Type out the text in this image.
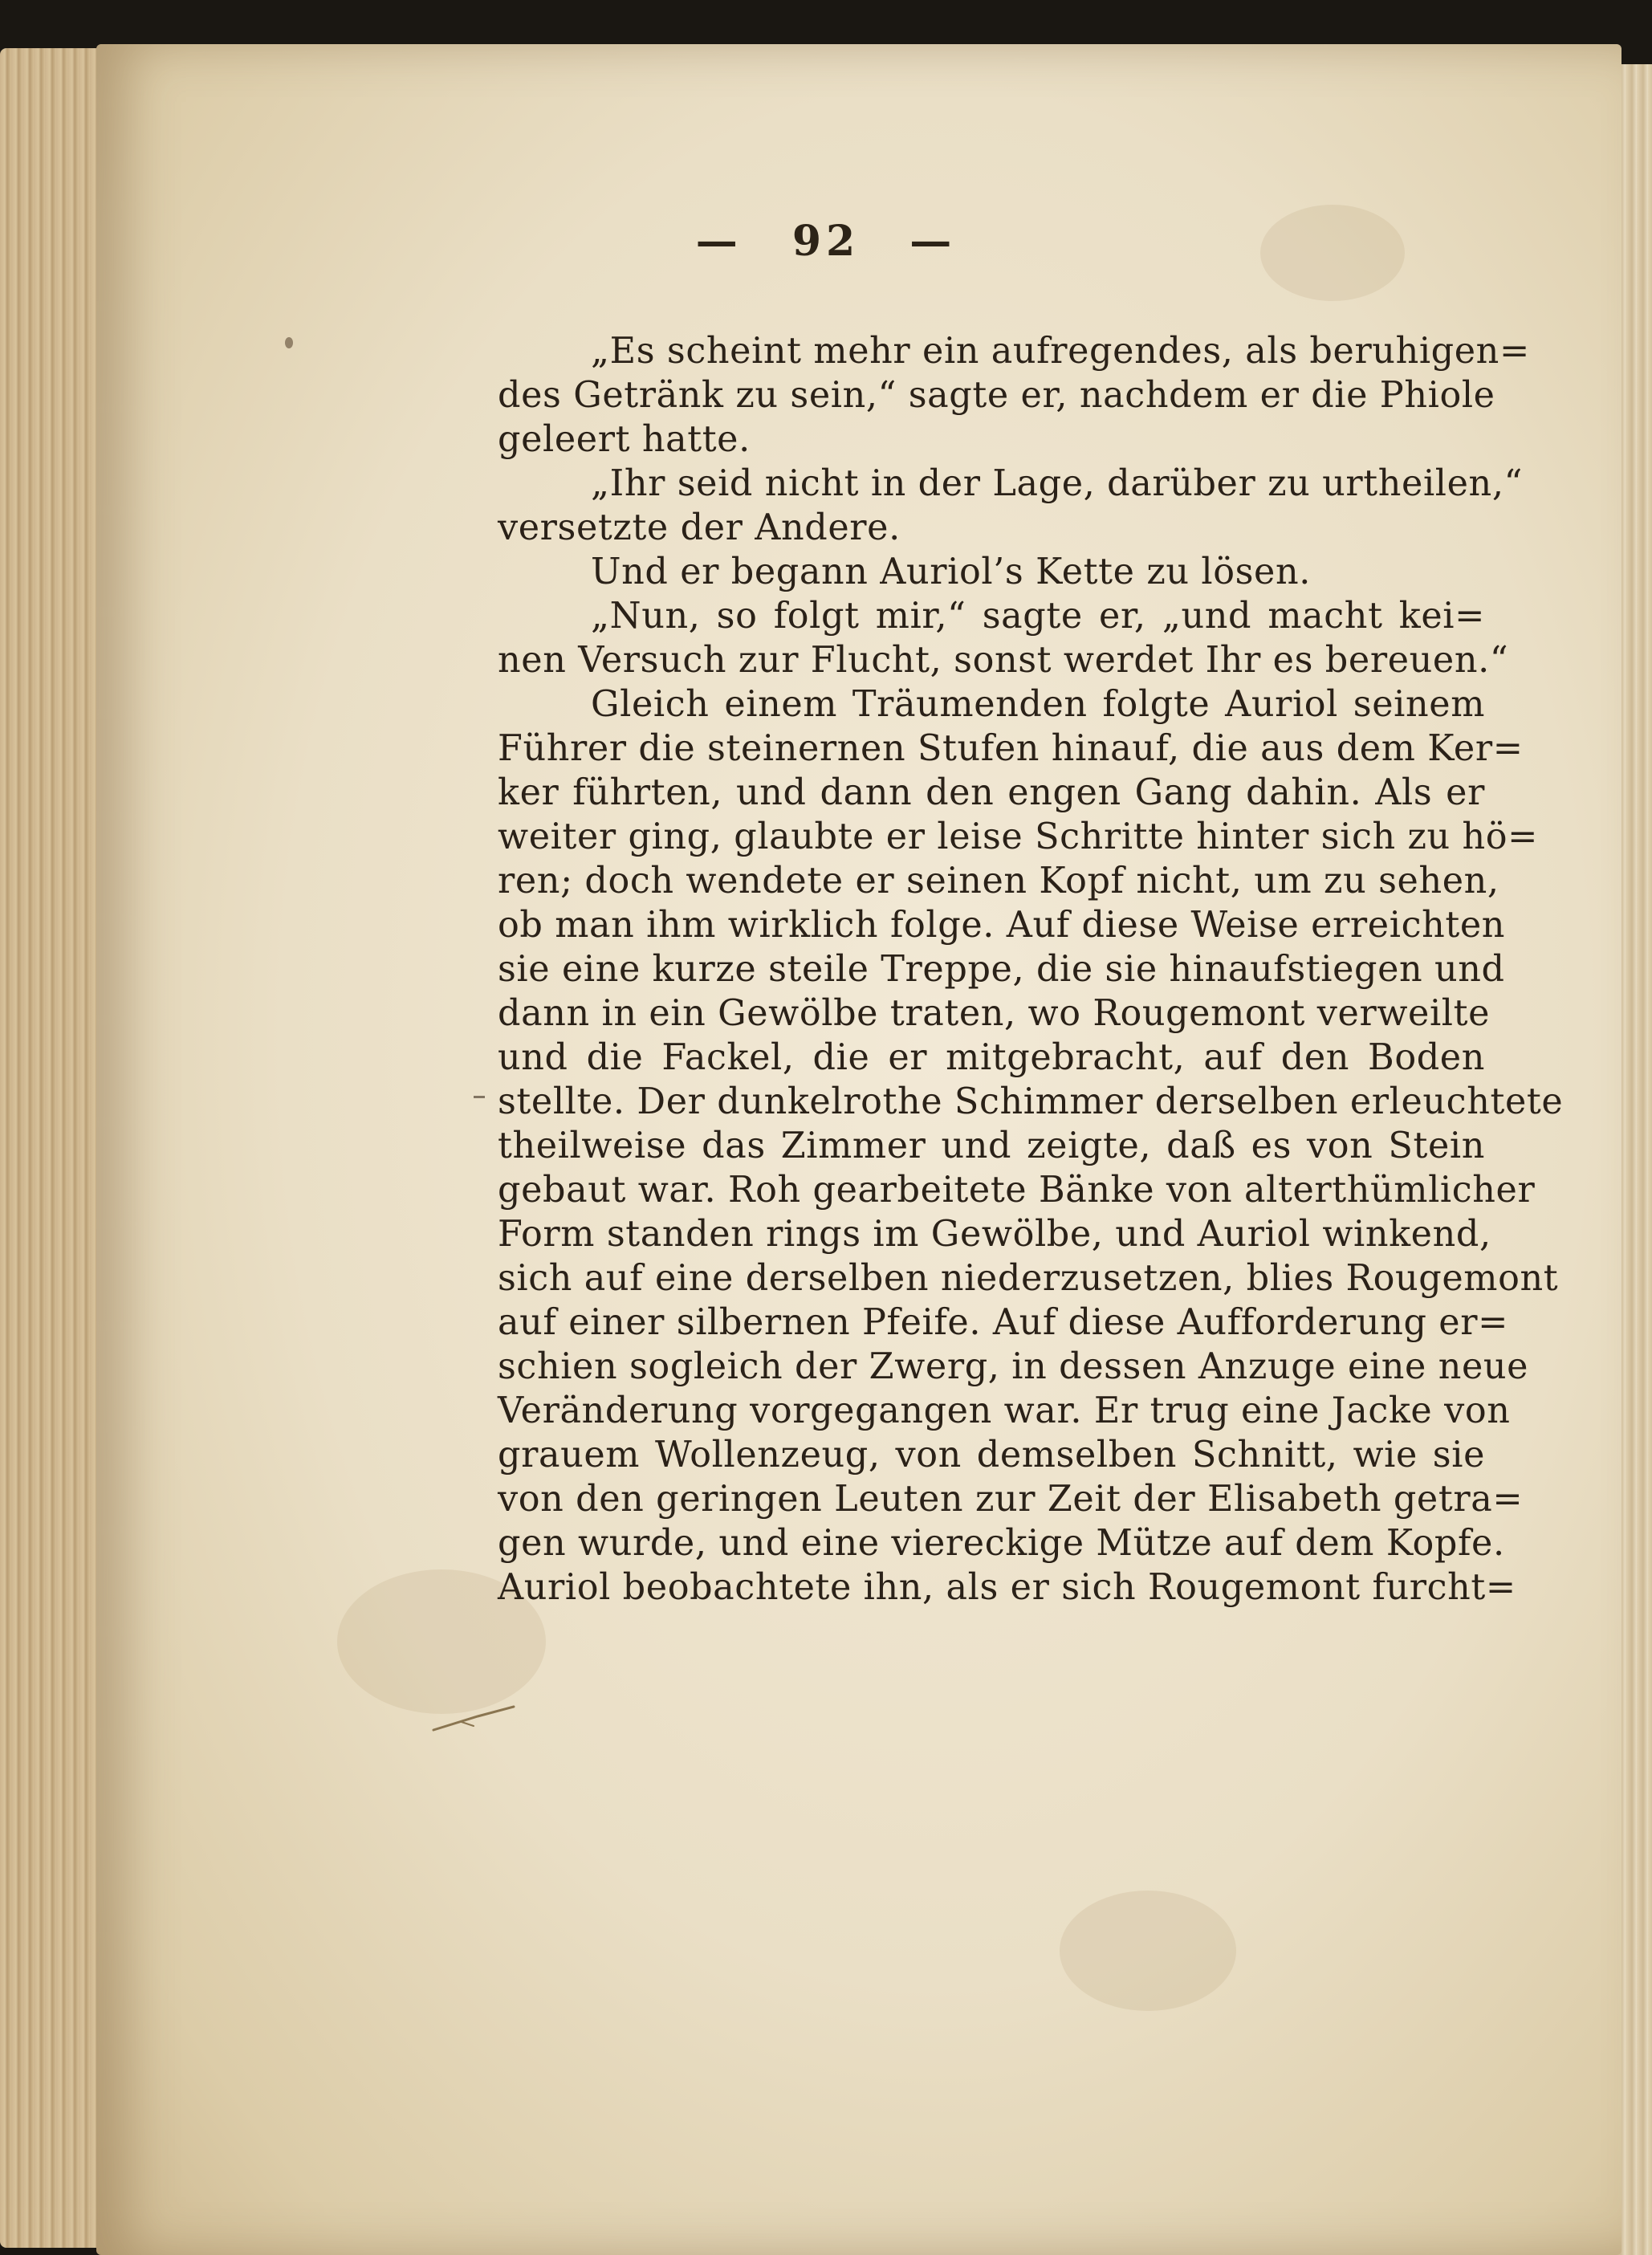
— 92 —
„Es scheint mehr ein aufregendes, als beruhigen=
des Getränk zu sein,“ sagte er, nachdem er die Phiole
geleert hatte.
„Ihr seid nicht in der Lage, darüber zu urtheilen,“
versetzte der Andere.
Und er begann Auriol’s Kette zu lösen.
„Nun, so folgt mir,“ sagte er, „und macht kei=
nen Versuch zur Flucht, sonst werdet Ihr es bereuen.“
Gleich einem Träumenden folgte Auriol seinem
Führer die steinernen Stufen hinauf, die aus dem Ker=
ker führten, und dann den engen Gang dahin. Als er
weiter ging, glaubte er leise Schritte hinter sich zu hö=
ren; doch wendete er seinen Kopf nicht, um zu sehen,
ob man ihm wirklich folge. Auf diese Weise erreichten
sie eine kurze steile Treppe, die sie hinaufstiegen und
dann in ein Gewölbe traten, wo Rougemont verweilte
und die Fackel, die er mitgebracht, auf den Boden
stellte. Der dunkelrothe Schimmer derselben erleuchtete
theilweise das Zimmer und zeigte, daß es von Stein
gebaut war. Roh gearbeitete Bänke von alterthümlicher
Form standen rings im Gewölbe, und Auriol winkend,
sich auf eine derselben niederzusetzen, blies Rougemont
auf einer silbernen Pfeife. Auf diese Aufforderung er=
schien sogleich der Zwerg, in dessen Anzuge eine neue
Veränderung vorgegangen war. Er trug eine Jacke von
grauem Wollenzeug, von demselben Schnitt, wie sie
von den geringen Leuten zur Zeit der Elisabeth getra=
gen wurde, und eine viereckige Mütze auf dem Kopfe.
Auriol beobachtete ihn, als er sich Rougemont furcht=
